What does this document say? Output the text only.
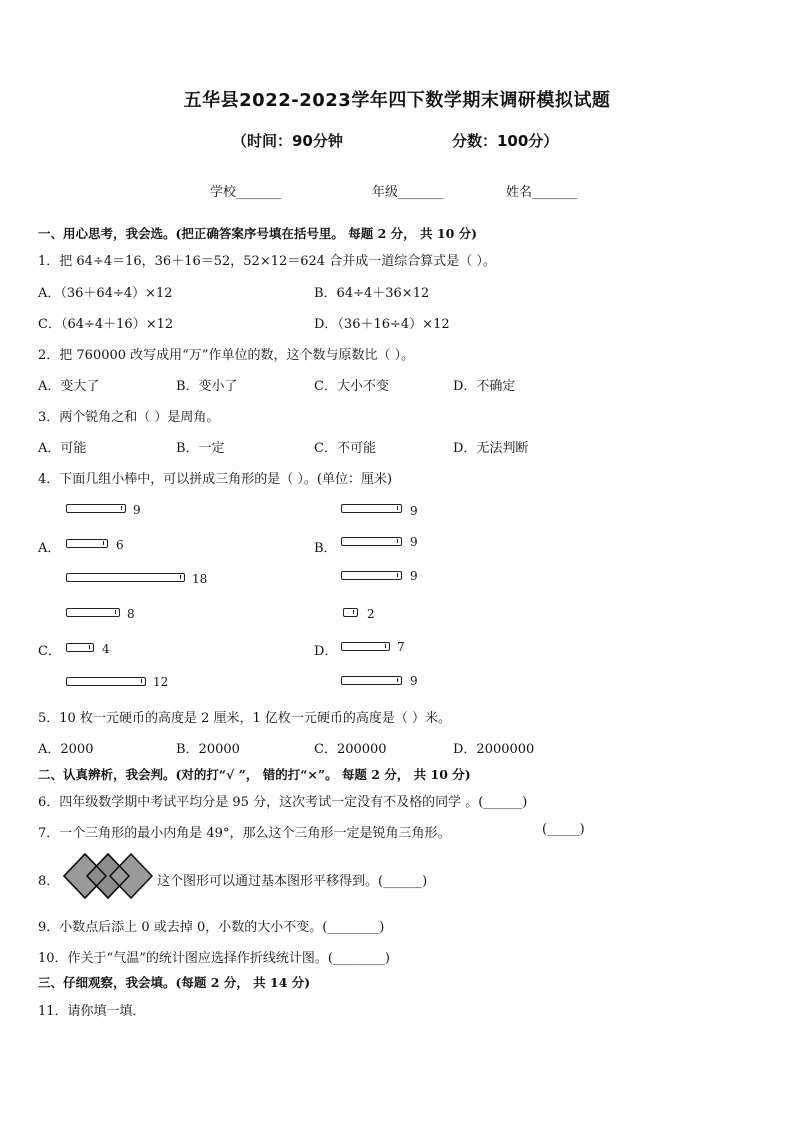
五华县2022-2023学年四下数学期末调研模拟试题
（时间：90分钟	分数：100分）
学校_______	年级_______	姓名_______
一、用心思考，我会选。(把正确答案序号填在括号里。 每题 2 分， 共 10 分)
1．把 64÷4＝16，36＋16＝52，52×12＝624 合并成一道综合算式是（ ）。
A．（36＋64÷4）×12	B．64÷4＋36×12
C．（64÷4＋16）×12	D．（36＋16÷4）×12
2．把 760000 改写成用“万”作单位的数，这个数与原数比（ ）。
A．变大了	B．变小了	C．大小不变	D．不确定
3．两个锐角之和（ ）是周角。
A．可能	B．一定	C．不可能	D．无法判断
4．下面几组小棒中，可以拼成三角形的是（ ）。(单位：厘米)
A．
9
6
18
B．
9
9
9
C．
8
4
12
D．
2
7
9
5．10 枚一元硬币的高度是 2 厘米，1 亿枚一元硬币的高度是（ ）米。
A．2000	B．20000	C．200000	D．2000000
二、认真辨析，我会判。(对的打“√ ”， 错的打“×”。 每题 2 分， 共 10 分)
6．四年级数学期中考试平均分是 95 分，这次考试一定没有不及格的同学 。(______)
7．一个三角形的最小内角是 49°，那么这个三角形一定是锐角三角形。	(_____)
8．	这个图形可以通过基本图形平移得到。(______)
9．小数点后添上 0 或去掉 0，小数的大小不变。(________)
10．作关于“气温”的统计图应选择作折线统计图。(________)
三、仔细观察，我会填。(每题 2 分， 共 14 分)
11．请你填一填．
